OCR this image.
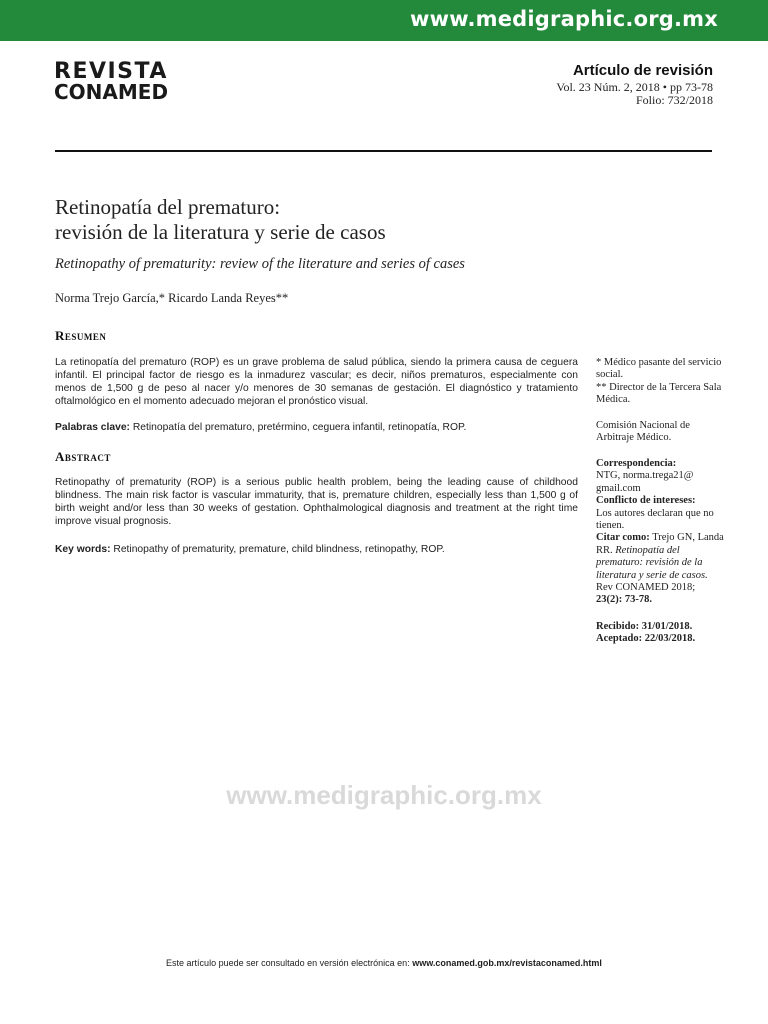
www.medigraphic.org.mx
REVISTA
CONAMED
Artículo de revisión
Vol. 23 Núm. 2, 2018 • pp 73-78
Folio: 732/2018
Retinopatía del prematuro:
revisión de la literatura y serie de casos
Retinopathy of prematurity: review of the literature and series of cases
Norma Trejo García,* Ricardo Landa Reyes**
Resumen
La retinopatía del prematuro (ROP) es un grave problema de salud pública, siendo la primera causa de ceguera infantil. El principal factor de riesgo es la inmadurez vascular; es decir, niños prematuros, especialmente con menos de 1,500 g de peso al nacer y/o menores de 30 semanas de gestación. El diagnóstico y tratamiento oftalmológico en el momento adecuado mejoran el pronóstico visual.
Palabras clave: Retinopatía del prematuro, pretérmino, ceguera infantil, retinopatía, ROP.
Abstract
Retinopathy of prematurity (ROP) is a serious public health problem, being the leading cause of childhood blindness. The main risk factor is vascular immaturity, that is, premature children, especially less than 1,500 g of birth weight and/or less than 30 weeks of gestation. Ophthalmological diagnosis and treatment at the right time improve visual prognosis.
Key words: Retinopathy of prematurity, premature, child blindness, retinopathy, ROP.

* Médico pasante del servicio social.

** Director de la Tercera Sala Médica.

Comisión Nacional de Arbitraje Médico.

Correspondencia:

NTG, norma.trega21@ gmail.com

Conflicto de intereses:

Los autores declaran que no tienen.

Citar como: Trejo GN, Landa RR. Retinopatía del prematuro: revisión de la literatura y serie de casos. Rev CONAMED 2018; 23(2): 73-78.

Recibido: 31/01/2018.

Aceptado: 22/03/2018.

www.medigraphic.org.mx
Este artículo puede ser consultado en versión electrónica en: www.conamed.gob.mx/revistaconamed.html
